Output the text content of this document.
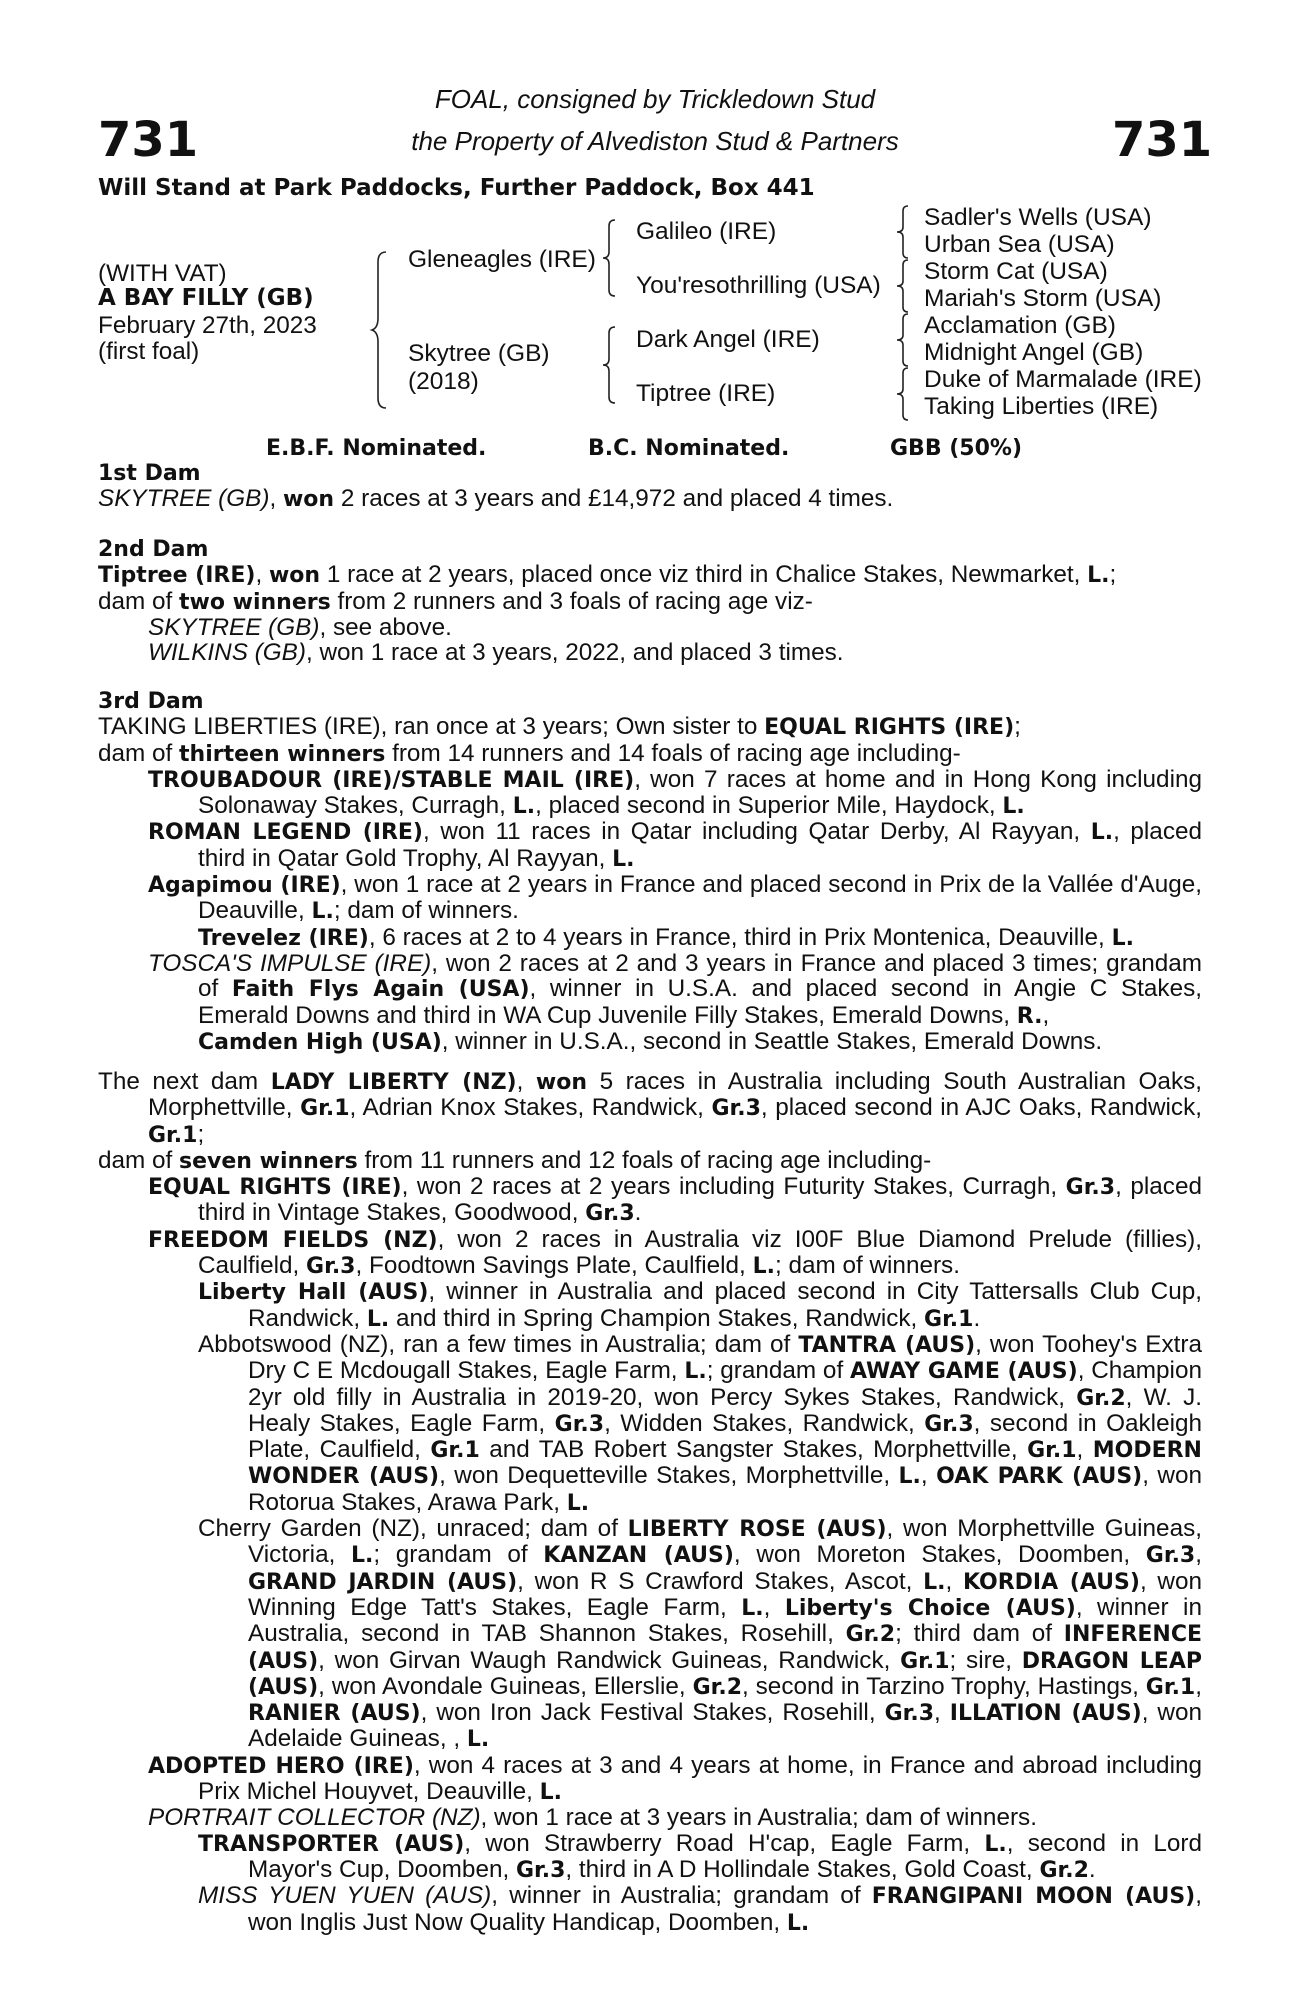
731	731
FOAL, consigned by Trickledown Stud
the Property of Alvediston Stud & Partners
Will Stand at Park Paddocks, Further Paddock, Box 441
(WITH VAT)
A BAY FILLY (GB)
February 27th, 2023
(first foal)
Gleneagles (IRE)
Skytree (GB)
(2018)
Galileo (IRE)
You'resothrilling (USA)
Dark Angel (IRE)
Tiptree (IRE)
Sadler's Wells (USA)
Urban Sea (USA)
Storm Cat (USA)
Mariah's Storm (USA)
Acclamation (GB)
Midnight Angel (GB)
Duke of Marmalade (IRE)
Taking Liberties (IRE)
E.B.F. Nominated.	B.C. Nominated.	GBB (50%)

1st Dam

SKYTREE (GB), won 2 races at 3 years and £14,972 and placed 4 times.

2nd Dam

Tiptree (IRE), won 1 race at 2 years, placed once viz third in Chalice Stakes, Newmarket, L.;

dam of two winners from 2 runners and 3 foals of racing age viz-

SKYTREE (GB), see above.

WILKINS (GB), won 1 race at 3 years, 2022, and placed 3 times.

3rd Dam

TAKING LIBERTIES (IRE), ran once at 3 years; Own sister to EQUAL RIGHTS (IRE);

dam of thirteen winners from 14 runners and 14 foals of racing age including-

TROUBADOUR (IRE)/STABLE MAIL (IRE), won 7 races at home and in Hong Kong including Solonaway Stakes, Curragh, L., placed second in Superior Mile, Haydock, L.

ROMAN LEGEND (IRE), won 11 races in Qatar including Qatar Derby, Al Rayyan, L., placed third in Qatar Gold Trophy, Al Rayyan, L.

Agapimou (IRE), won 1 race at 2 years in France and placed second in Prix de la Vallée d'Auge, Deauville, L.; dam of winners.

Trevelez (IRE), 6 races at 2 to 4 years in France, third in Prix Montenica, Deauville, L.

TOSCA'S IMPULSE (IRE), won 2 races at 2 and 3 years in France and placed 3 times; grandam of Faith Flys Again (USA), winner in U.S.A. and placed second in Angie C Stakes, Emerald Downs and third in WA Cup Juvenile Filly Stakes, Emerald Downs, R.,

Camden High (USA), winner in U.S.A., second in Seattle Stakes, Emerald Downs.

The next dam LADY LIBERTY (NZ), won 5 races in Australia including South Australian Oaks, Morphettville, Gr.1, Adrian Knox Stakes, Randwick, Gr.3, placed second in AJC Oaks, Randwick, Gr.1;

dam of seven winners from 11 runners and 12 foals of racing age including-

EQUAL RIGHTS (IRE), won 2 races at 2 years including Futurity Stakes, Curragh, Gr.3, placed third in Vintage Stakes, Goodwood, Gr.3.

FREEDOM FIELDS (NZ), won 2 races in Australia viz I00F Blue Diamond Prelude (fillies), Caulfield, Gr.3, Foodtown Savings Plate, Caulfield, L.; dam of winners.

Liberty Hall (AUS), winner in Australia and placed second in City Tattersalls Club Cup, Randwick, L. and third in Spring Champion Stakes, Randwick, Gr.1.

Abbotswood (NZ), ran a few times in Australia; dam of TANTRA (AUS), won Toohey's Extra Dry C E Mcdougall Stakes, Eagle Farm, L.; grandam of AWAY GAME (AUS), Champion 2yr old filly in Australia in 2019-20, won Percy Sykes Stakes, Randwick, Gr.2, W. J. Healy Stakes, Eagle Farm, Gr.3, Widden Stakes, Randwick, Gr.3, second in Oakleigh Plate, Caulfield, Gr.1 and TAB Robert Sangster Stakes, Morphettville, Gr.1, MODERN WONDER (AUS), won Dequetteville Stakes, Morphettville, L., OAK PARK (AUS), won Rotorua Stakes, Arawa Park, L.

Cherry Garden (NZ), unraced; dam of LIBERTY ROSE (AUS), won Morphettville Guineas, Victoria, L.; grandam of KANZAN (AUS), won Moreton Stakes, Doomben, Gr.3, GRAND JARDIN (AUS), won R S Crawford Stakes, Ascot, L., KORDIA (AUS), won Winning Edge Tatt's Stakes, Eagle Farm, L., Liberty's Choice (AUS), winner in Australia, second in TAB Shannon Stakes, Rosehill, Gr.2; third dam of INFERENCE (AUS), won Girvan Waugh Randwick Guineas, Randwick, Gr.1; sire, DRAGON LEAP (AUS), won Avondale Guineas, Ellerslie, Gr.2, second in Tarzino Trophy, Hastings, Gr.1, RANIER (AUS), won Iron Jack Festival Stakes, Rosehill, Gr.3, ILLATION (AUS), won Adelaide Guineas, , L.

ADOPTED HERO (IRE), won 4 races at 3 and 4 years at home, in France and abroad including Prix Michel Houyvet, Deauville, L.

PORTRAIT COLLECTOR (NZ), won 1 race at 3 years in Australia; dam of winners.

TRANSPORTER (AUS), won Strawberry Road H'cap, Eagle Farm, L., second in Lord Mayor's Cup, Doomben, Gr.3, third in A D Hollindale Stakes, Gold Coast, Gr.2.

MISS YUEN YUEN (AUS), winner in Australia; grandam of FRANGIPANI MOON (AUS), won Inglis Just Now Quality Handicap, Doomben, L.
